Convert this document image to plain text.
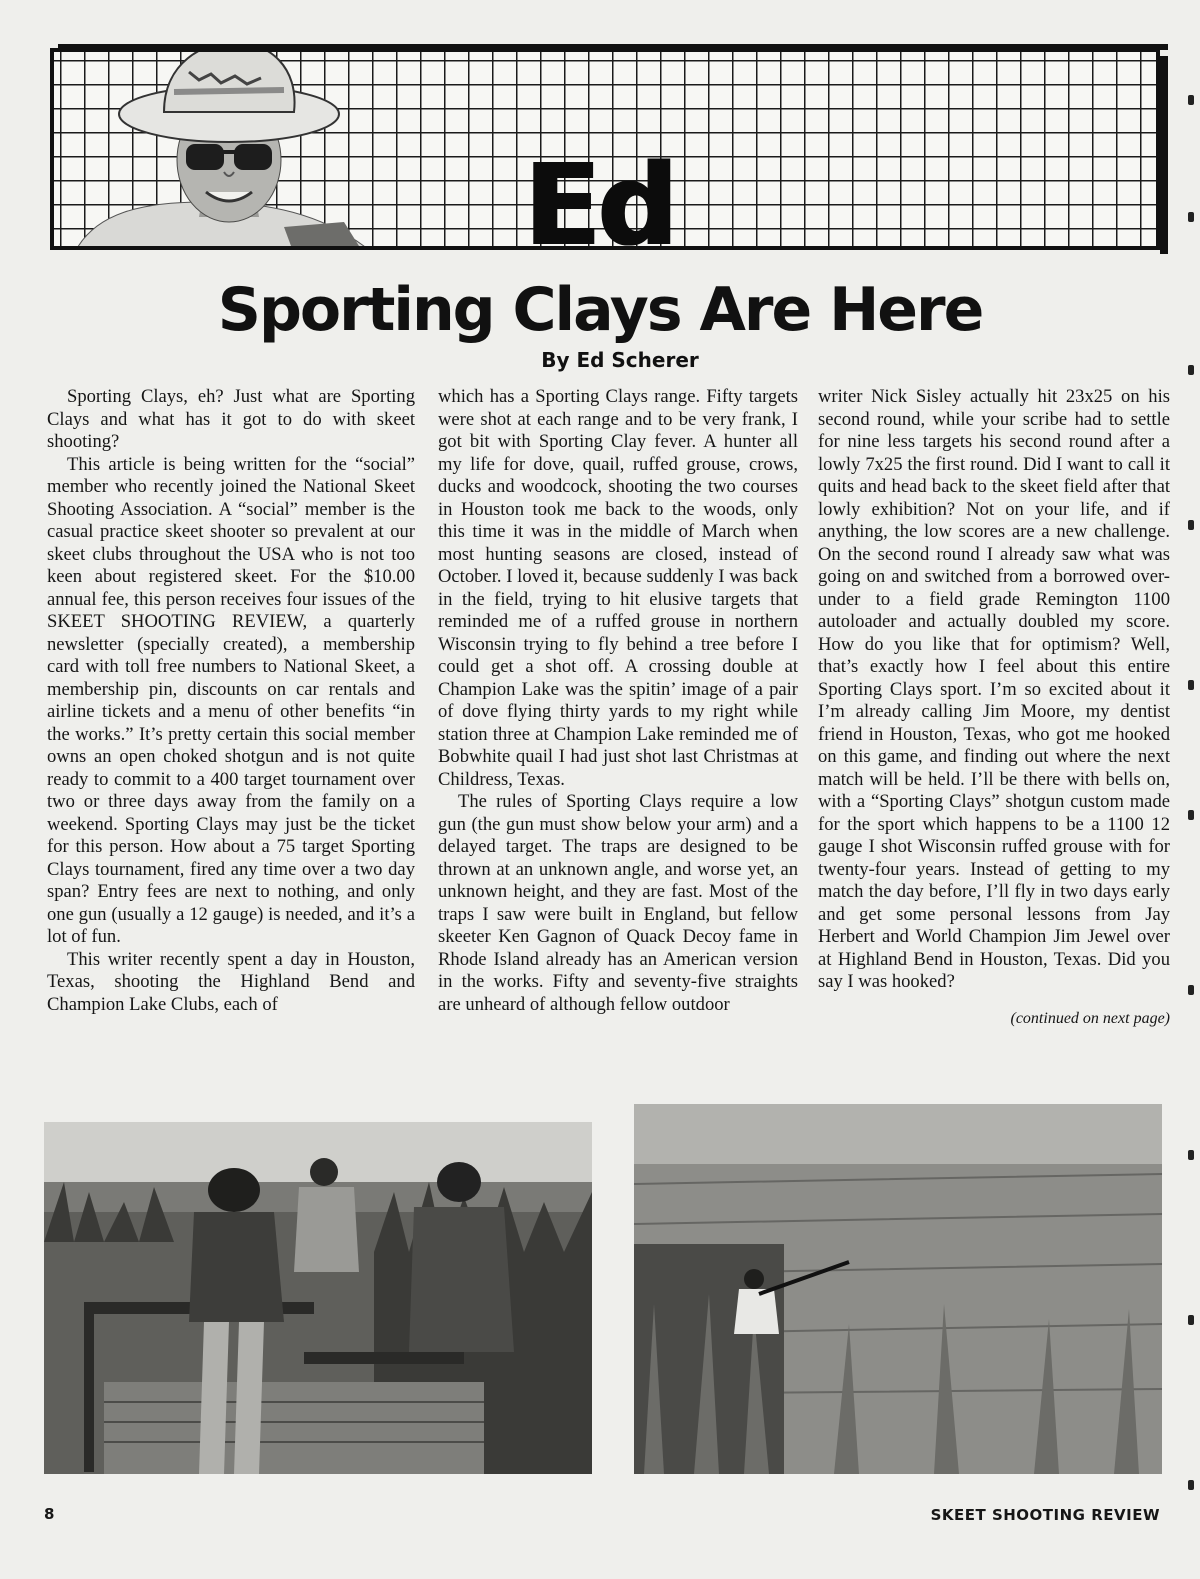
Ed
Sporting Clays Are Here
By Ed Scherer

Sporting Clays, eh? Just what are Sporting Clays and what has it got to do with skeet shooting?

This article is being written for the “social” member who recently joined the National Skeet Shooting Association. A “social” member is the casual practice skeet shooter so prevalent at our skeet clubs throughout the USA who is not too keen about registered skeet. For the $10.00 annual fee, this person receives four issues of the SKEET SHOOTING REVIEW, a quarterly newsletter (specially created), a membership card with toll free numbers to National Skeet, a membership pin, discounts on car rentals and airline tickets and a menu of other benefits “in the works.” It’s pretty certain this social member owns an open choked shotgun and is not quite ready to commit to a 400 target tournament over two or three days away from the family on a weekend. Sporting Clays may just be the ticket for this person. How about a 75 target Sporting Clays tournament, fired any time over a two day span? Entry fees are next to nothing, and only one gun (usually a 12 gauge) is needed, and it’s a lot of fun.

This writer recently spent a day in Houston, Texas, shooting the Highland Bend and Champion Lake Clubs, each of

which has a Sporting Clays range. Fifty targets were shot at each range and to be very frank, I got bit with Sporting Clay fever. A hunter all my life for dove, quail, ruffed grouse, crows, ducks and woodcock, shooting the two courses in Houston took me back to the woods, only this time it was in the middle of March when most hunting seasons are closed, instead of October. I loved it, because suddenly I was back in the field, trying to hit elusive targets that reminded me of a ruffed grouse in northern Wisconsin trying to fly behind a tree before I could get a shot off. A crossing double at Champion Lake was the spitin’ image of a pair of dove flying thirty yards to my right while station three at Champion Lake reminded me of Bobwhite quail I had just shot last Christmas at Childress, Texas.

The rules of Sporting Clays require a low gun (the gun must show below your arm) and a delayed target. The traps are designed to be thrown at an unknown angle, and worse yet, an unknown height, and they are fast. Most of the traps I saw were built in England, but fellow skeeter Ken Gagnon of Quack Decoy fame in Rhode Island already has an American version in the works. Fifty and seventy-five straights are unheard of although fellow outdoor

writer Nick Sisley actually hit 23x25 on his second round, while your scribe had to settle for nine less targets his second round after a lowly 7x25 the first round. Did I want to call it quits and head back to the skeet field after that lowly exhibition? Not on your life, and if anything, the low scores are a new challenge. On the second round I already saw what was going on and switched from a borrowed over-under to a field grade Remington 1100 autoloader and actually doubled my score. How do you like that for optimism? Well, that’s exactly how I feel about this entire Sporting Clays sport. I’m so excited about it I’m already calling Jim Moore, my dentist friend in Houston, Texas, who got me hooked on this game, and finding out where the next match will be held. I’ll be there with bells on, with a “Sporting Clays” shotgun custom made for the sport which happens to be a 1100 12 gauge I shot Wisconsin ruffed grouse with for twenty-four years. Instead of getting to my match the day before, I’ll fly in two days early and get some personal lessons from Jay Herbert and World Champion Jim Jewel over at Highland Bend in Houston, Texas. Did you say I was hooked?

(continued on next page)

8	SKEET SHOOTING REVIEW
